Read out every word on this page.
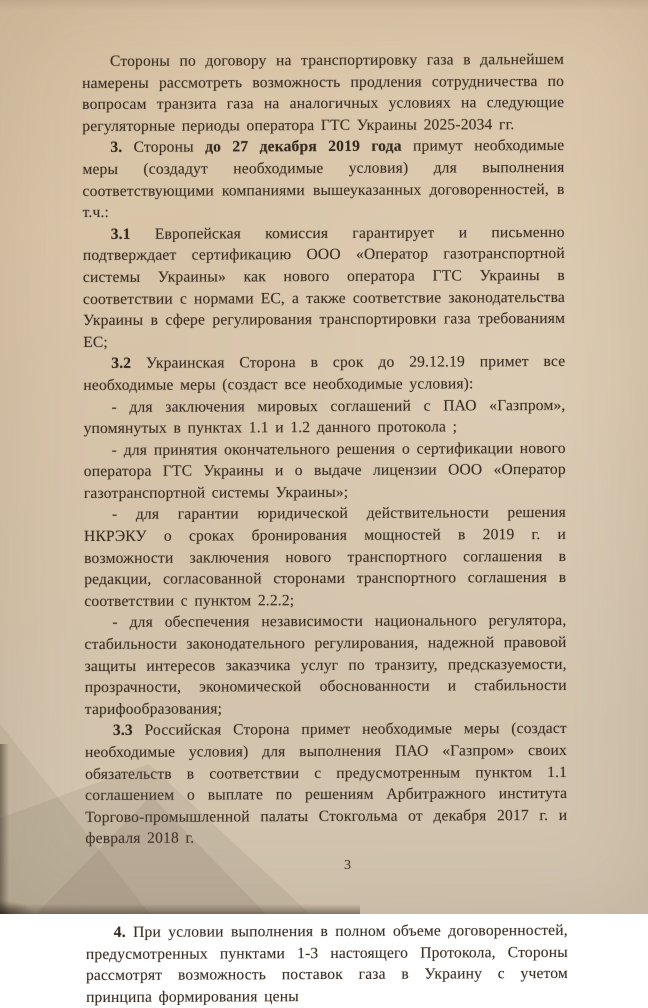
Стороны по договору на транспортировку газа в дальнейшем намерены рассмотреть возможность продления сотрудничества по вопросам транзита газа на аналогичных условиях на следующие регуляторные периоды оператора ГТС Украины 2025-2034 гг.

3. Стороны до 27 декабря 2019 года примут необходимые меры (создадут необходимые условия) для выполнения соответствующими компаниями вышеуказанных договоренностей, в т.ч.:

3.1 Европейская комиссия гарантирует и письменно подтверждает сертификацию ООО «Оператор газотранспортной системы Украины» как нового оператора ГТС Украины в соответствии с нормами ЕС, а также соответствие законодательства Украины в сфере регулирования транспортировки газа требованиям ЕС;

3.2 Украинская Сторона в срок до 29.12.19 примет все необходимые меры (создаст все необходимые условия):

- для заключения мировых соглашений с ПАО «Газпром», упомянутых в пунктах 1.1 и 1.2 данного протокола ;

- для принятия окончательного решения о сертификации нового оператора ГТС Украины и о выдаче лицензии ООО «Оператор газотранспортной системы Украины»;

- для гарантии юридической действительности решения НКРЭКУ о сроках бронирования мощностей в 2019 г. и возможности заключения нового транспортного соглашения в редакции, согласованной сторонами транспортного соглашения в соответствии с пунктом 2.2.2;

- для обеспечения независимости национального регулятора, стабильности законодательного регулирования, надежной правовой защиты интересов заказчика услуг по транзиту, предсказуемости, прозрачности, экономической обоснованности и стабильности тарифообразования;

3.3 Российская Сторона примет необходимые меры (создаст необходимые условия) для выполнения ПАО «Газпром» своих обязательств в соответствии с предусмотренным пунктом 1.1 соглашением о выплате по решениям Арбитражного института Торгово-промышленной палаты Стокгольма от декабря 2017 г. и февраля 2018 г.

4. При условии выполнения в полном объеме договоренностей, предусмотренных пунктами 1-3 настоящего Протокола, Стороны рассмотрят возможность поставок газа в Украину с учетом принципа формирования цены

3
